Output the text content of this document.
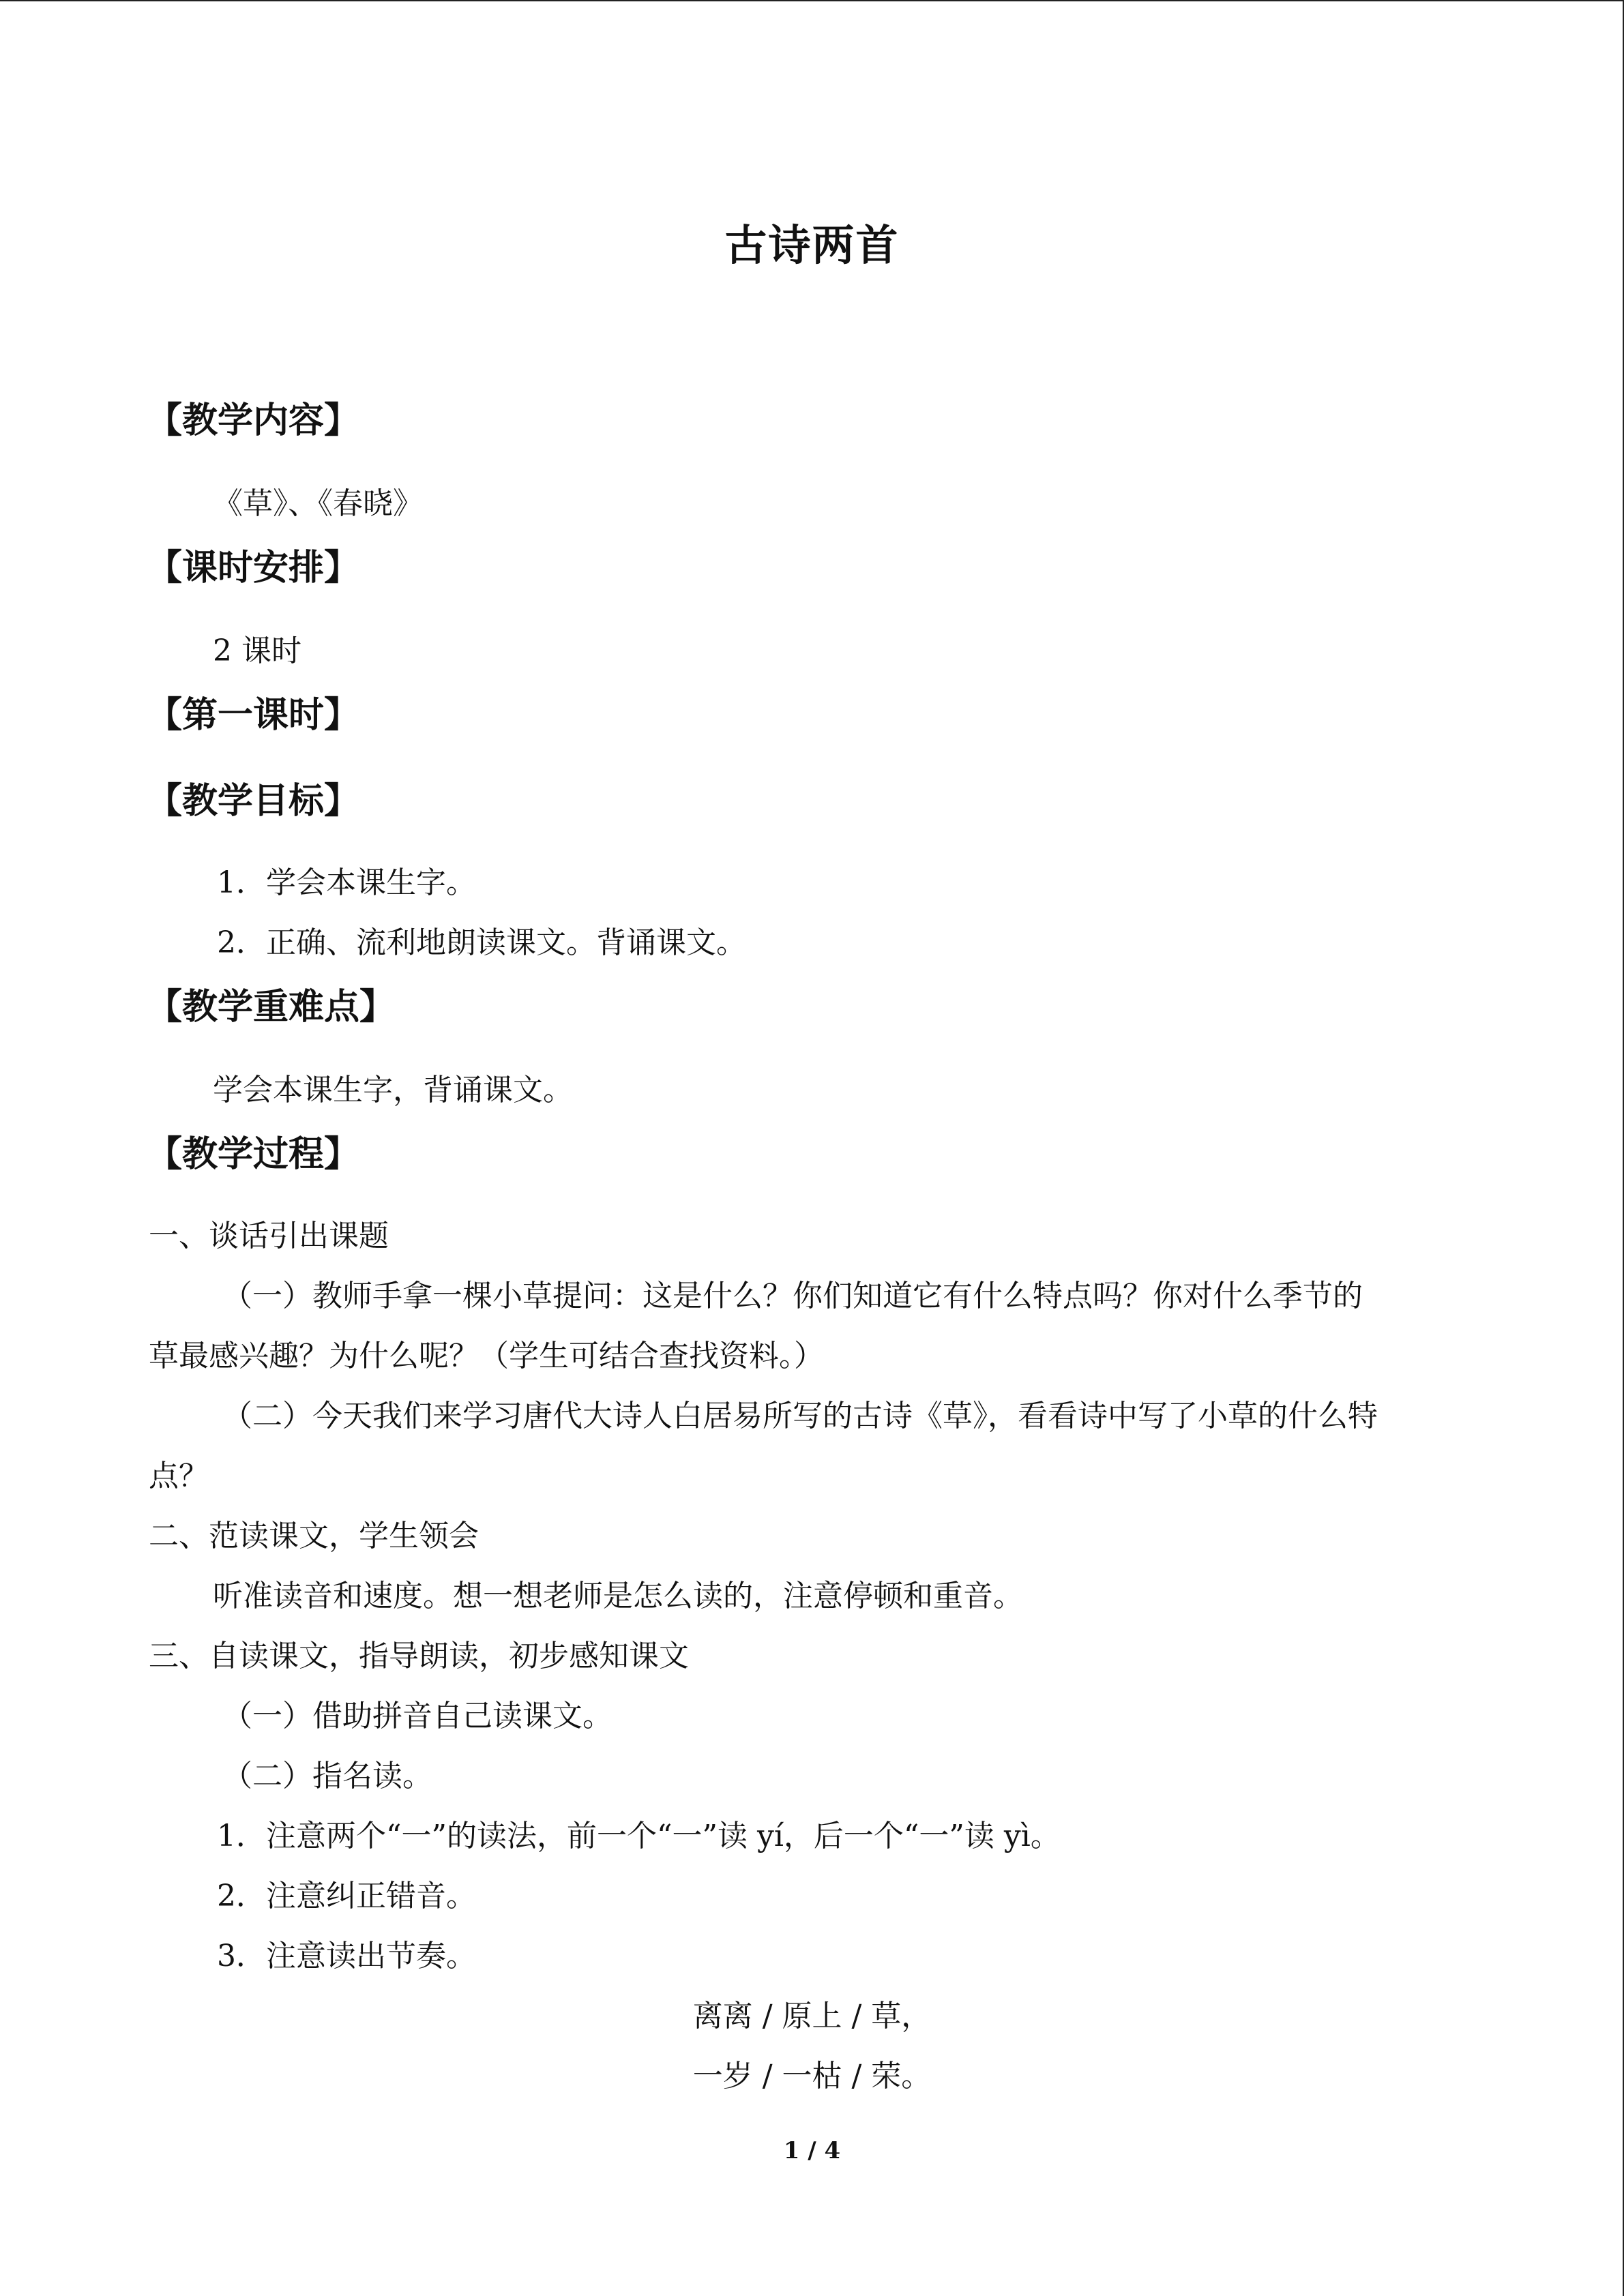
古诗两首
【教学内容】
《草》、《春晓》
【课时安排】
2 课时
【第一课时】
【教学目标】
1．学会本课生字。
2．正确、流利地朗读课文。背诵课文。
【教学重难点】
学会本课生字，背诵课文。
【教学过程】
一、谈话引出课题
（一）教师手拿一棵小草提问：这是什么？你们知道它有什么特点吗？你对什么季节的
草最感兴趣？为什么呢？（学生可结合查找资料。）
（二）今天我们来学习唐代大诗人白居易所写的古诗《草》，看看诗中写了小草的什么特
点？
二、范读课文，学生领会
听准读音和速度。想一想老师是怎么读的，注意停顿和重音。
三、自读课文，指导朗读，初步感知课文
（一）借助拼音自己读课文。
（二）指名读。
1．注意两个“一”的读法，前一个“一”读 yí，后一个“一”读 yì。
2．注意纠正错音。
3．注意读出节奏。
离离 / 原上 / 草，
一岁 / 一枯 / 荣。
1 / 4
